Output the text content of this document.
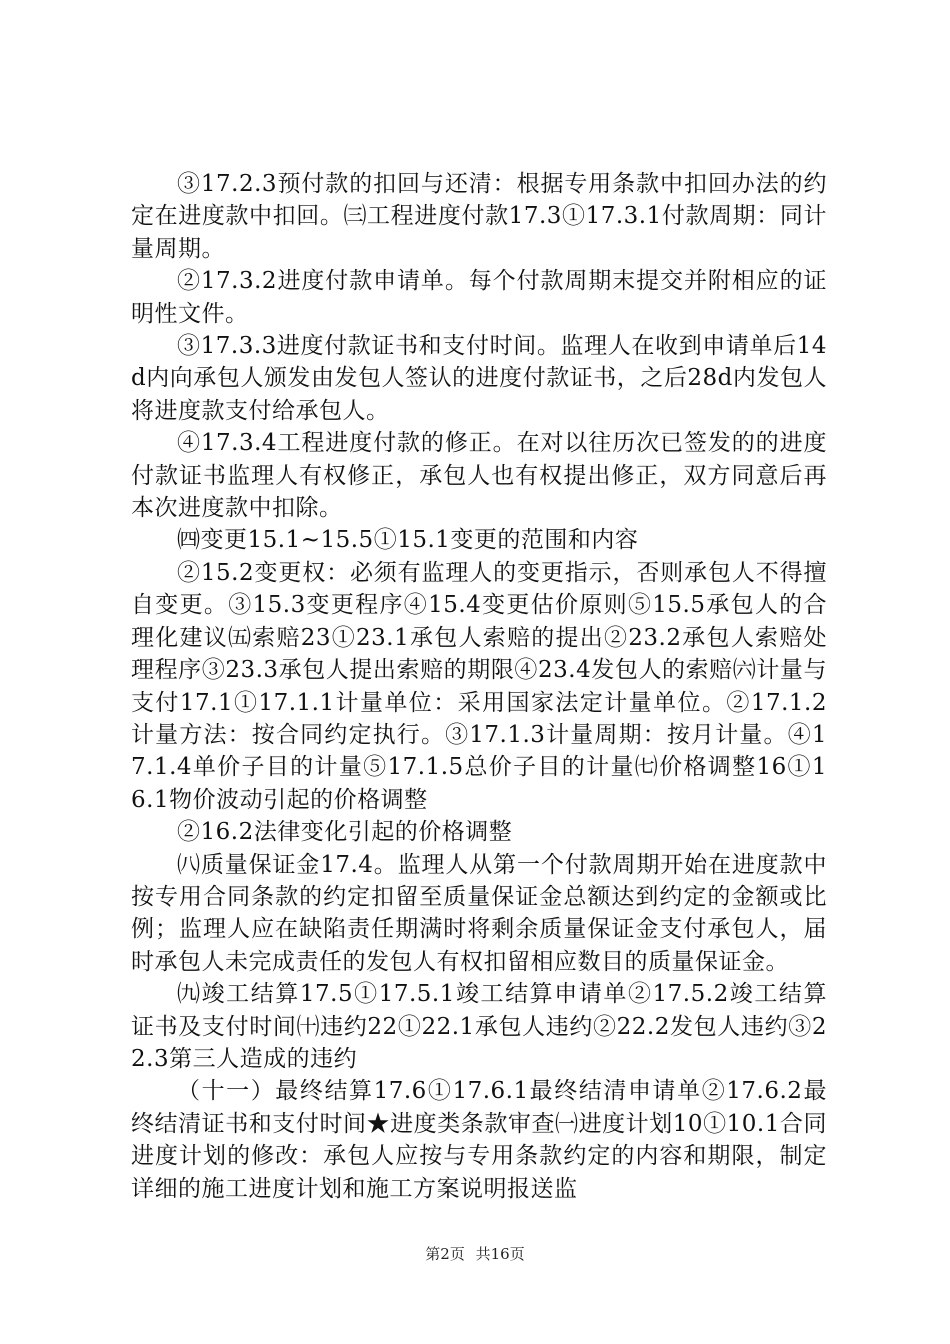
③17.2.3预付款的扣回与还清：根据专用条款中扣回办法的约定在进度款中扣回。㈢工程进度付款17.3①17.3.1付款周期：同计量周期。

②17.3.2进度付款申请单。每个付款周期末提交并附相应的证明性文件。

③17.3.3进度付款证书和支付时间。监理人在收到申请单后14d内向承包人颁发由发包人签认的进度付款证书，之后28d内发包人将进度款支付给承包人。

④17.3.4工程进度付款的修正。在对以往历次已签发的的进度付款证书监理人有权修正，承包人也有权提出修正，双方同意后再本次进度款中扣除。

㈣变更15.1~15.5①15.1变更的范围和内容

②15.2变更权：必须有监理人的变更指示，否则承包人不得擅自变更。③15.3变更程序④15.4变更估价原则⑤15.5承包人的合理化建议㈤索赔23①23.1承包人索赔的提出②23.2承包人索赔处理程序③23.3承包人提出索赔的期限④23.4发包人的索赔㈥计量与支付17.1①17.1.1计量单位：采用国家法定计量单位。②17.1.2计量方法：按合同约定执行。③17.1.3计量周期：按月计量。④17.1.4单价子目的计量⑤17.1.5总价子目的计量㈦价格调整16①16.1物价波动引起的价格调整

②16.2法律变化引起的价格调整

㈧质量保证金17.4。监理人从第一个付款周期开始在进度款中按专用合同条款的约定扣留至质量保证金总额达到约定的金额或比例；监理人应在缺陷责任期满时将剩余质量保证金支付承包人，届时承包人未完成责任的发包人有权扣留相应数目的质量保证金。

㈨竣工结算17.5①17.5.1竣工结算申请单②17.5.2竣工结算证书及支付时间㈩违约22①22.1承包人违约②22.2发包人违约③22.3第三人造成的违约

（十一）最终结算17.6①17.6.1最终结清申请单②17.6.2最终结清证书和支付时间★进度类条款审查㈠进度计划10①10.1合同进度计划的修改：承包人应按与专用条款约定的内容和期限，制定详细的施工进度计划和施工方案说明报送监

第2页 共16页
